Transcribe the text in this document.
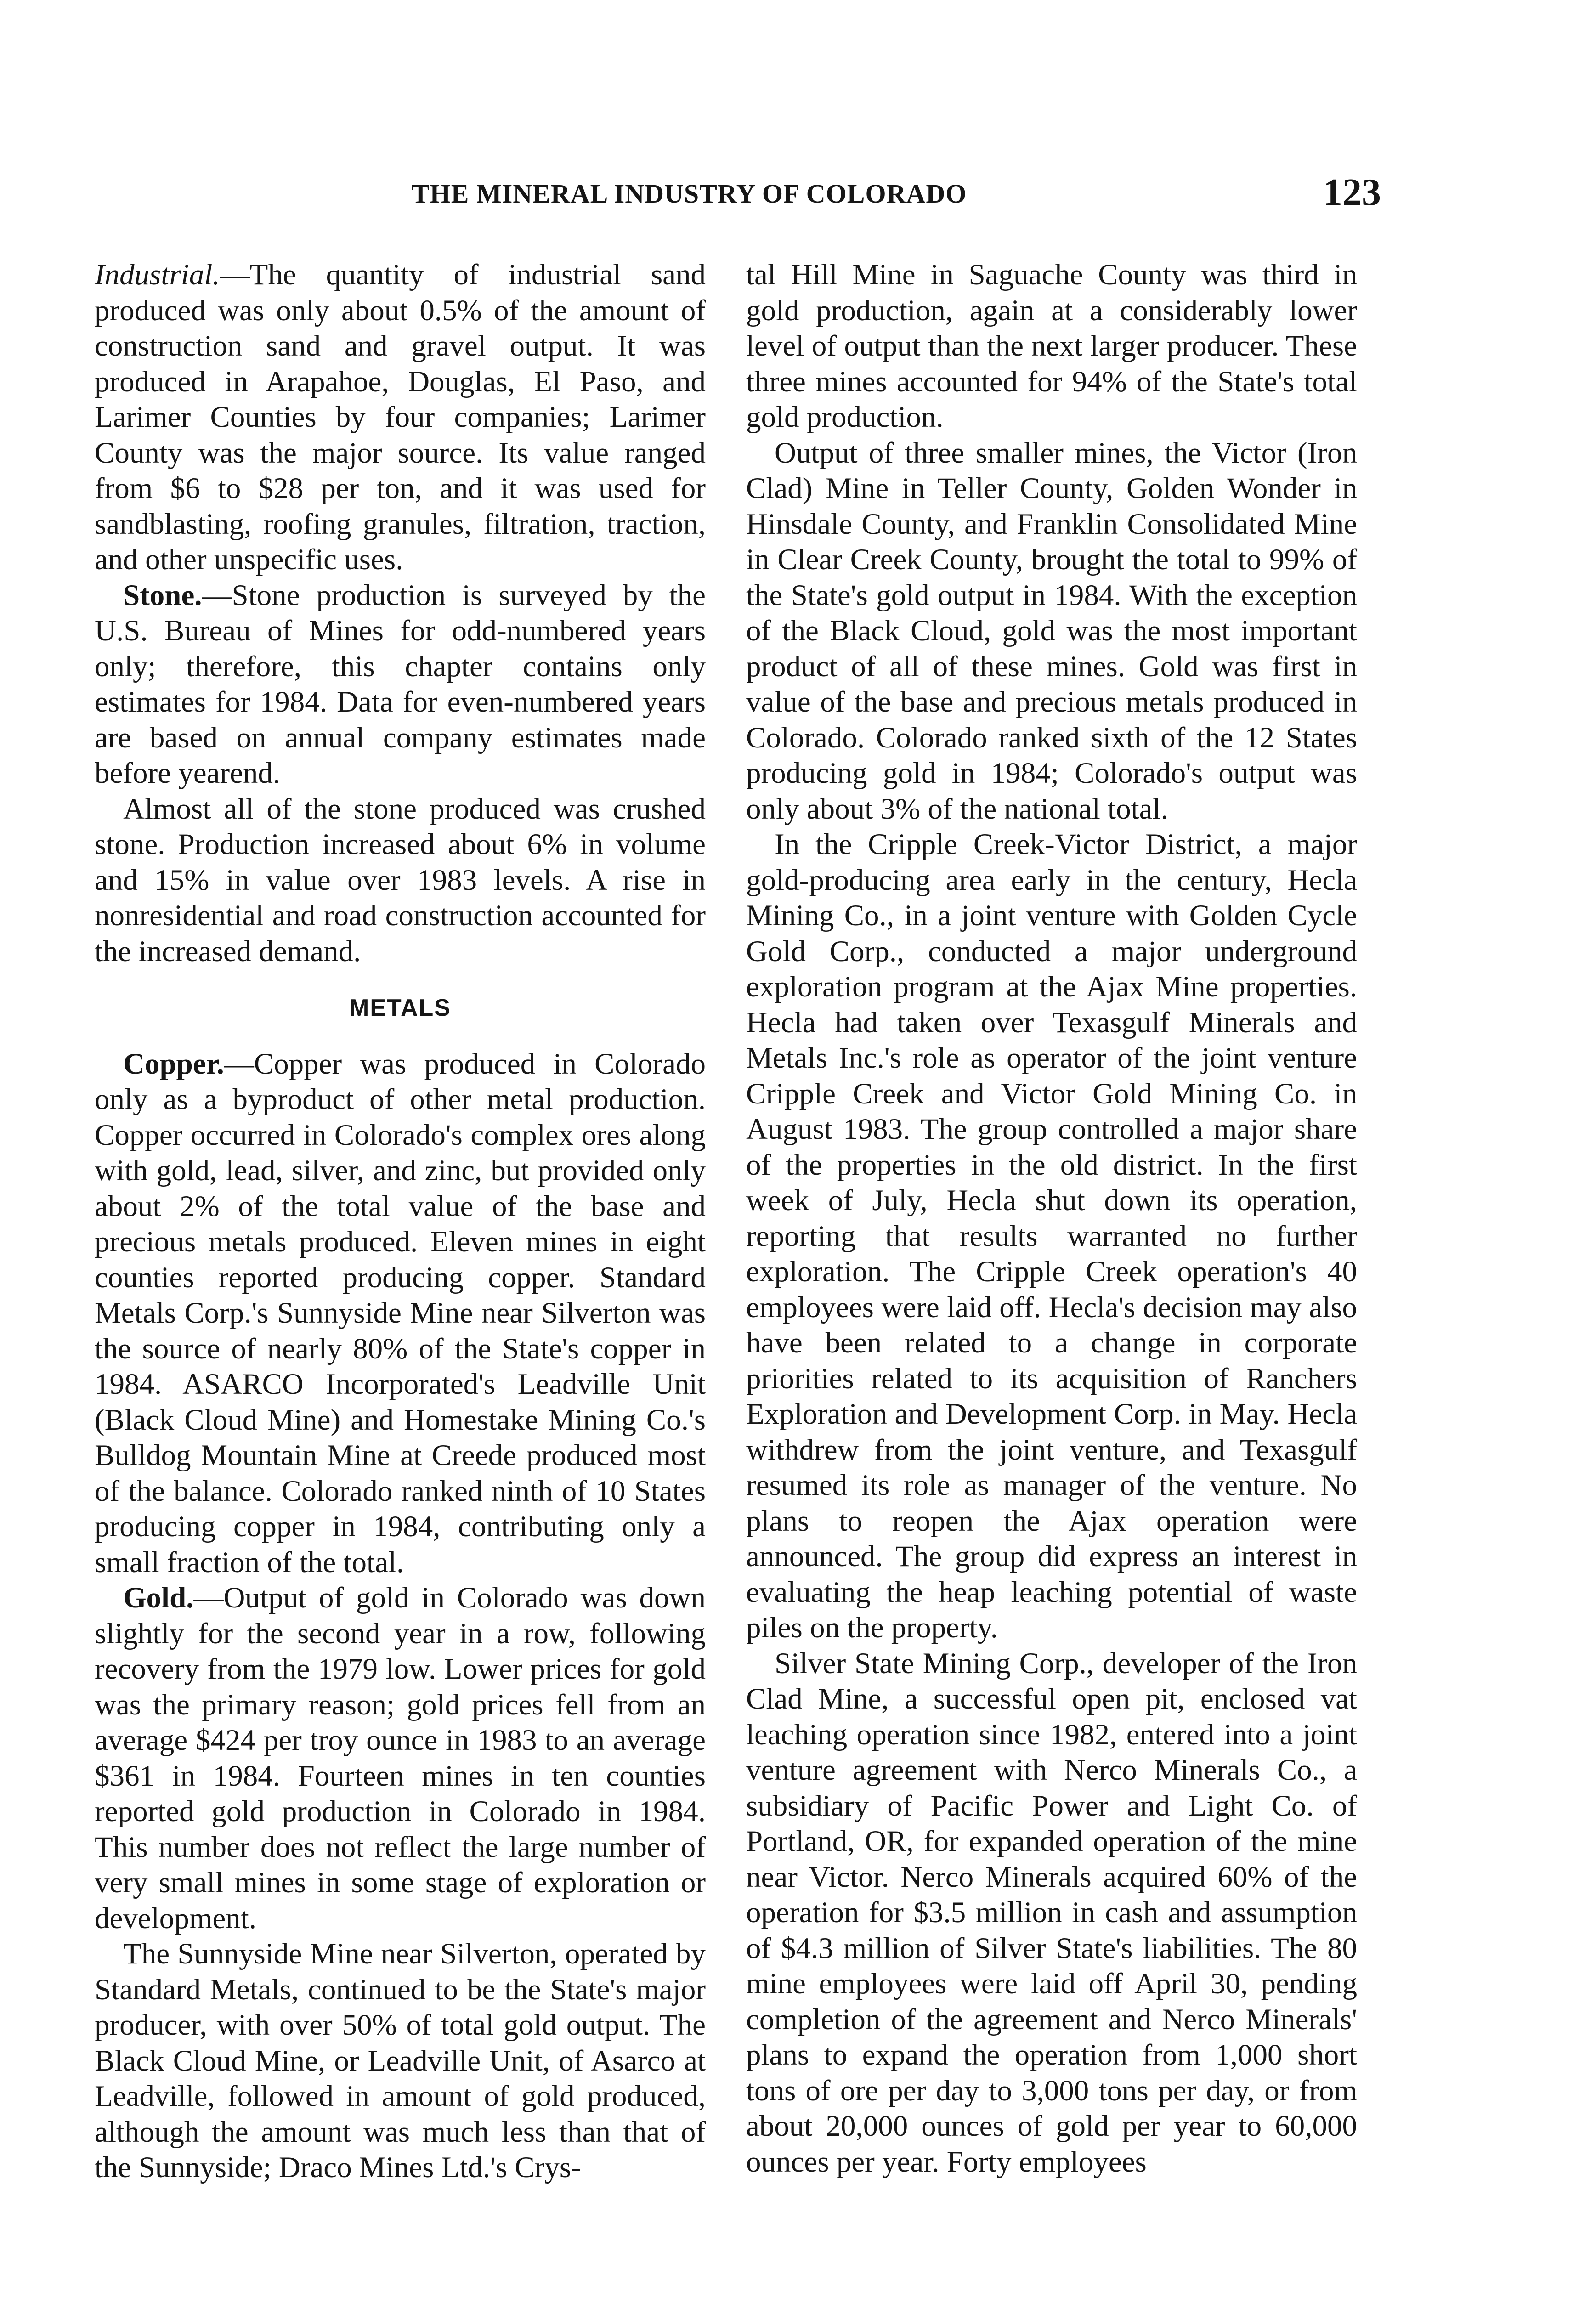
THE MINERAL INDUSTRY OF COLORADO	123

Industrial.—The quantity of industrial sand produced was only about 0.5% of the amount of construction sand and gravel output. It was produced in Arapahoe, Douglas, El Paso, and Larimer Counties by four companies; Larimer County was the major source. Its value ranged from $6 to $28 per ton, and it was used for sandblasting, roofing granules, filtration, traction, and other unspecific uses.

Stone.—Stone production is surveyed by the U.S. Bureau of Mines for odd-numbered years only; therefore, this chapter contains only estimates for 1984. Data for even-numbered years are based on annual company estimates made before yearend.

Almost all of the stone produced was crushed stone. Production increased about 6% in volume and 15% in value over 1983 levels. A rise in nonresidential and road construction accounted for the increased demand.

METALS

Copper.—Copper was produced in Colorado only as a byproduct of other metal production. Copper occurred in Colorado's complex ores along with gold, lead, silver, and zinc, but provided only about 2% of the total value of the base and precious metals produced. Eleven mines in eight counties reported producing copper. Standard Metals Corp.'s Sunnyside Mine near Silverton was the source of nearly 80% of the State's copper in 1984. ASARCO Incorporated's Leadville Unit (Black Cloud Mine) and Homestake Mining Co.'s Bulldog Mountain Mine at Creede produced most of the balance. Colorado ranked ninth of 10 States producing copper in 1984, contributing only a small fraction of the total.

Gold.—Output of gold in Colorado was down slightly for the second year in a row, following recovery from the 1979 low. Lower prices for gold was the primary reason; gold prices fell from an average $424 per troy ounce in 1983 to an average $361 in 1984. Fourteen mines in ten counties reported gold production in Colorado in 1984. This number does not reflect the large number of very small mines in some stage of exploration or development.

The Sunnyside Mine near Silverton, operated by Standard Metals, continued to be the State's major producer, with over 50% of total gold output. The Black Cloud Mine, or Leadville Unit, of Asarco at Leadville, followed in amount of gold produced, although the amount was much less than that of the Sunnyside; Draco Mines Ltd.'s Crys-

tal Hill Mine in Saguache County was third in gold production, again at a considerably lower level of output than the next larger producer. These three mines accounted for 94% of the State's total gold production.

Output of three smaller mines, the Victor (Iron Clad) Mine in Teller County, Golden Wonder in Hinsdale County, and Franklin Consolidated Mine in Clear Creek County, brought the total to 99% of the State's gold output in 1984. With the exception of the Black Cloud, gold was the most important product of all of these mines. Gold was first in value of the base and precious metals produced in Colorado. Colorado ranked sixth of the 12 States producing gold in 1984; Colorado's output was only about 3% of the national total.

In the Cripple Creek-Victor District, a major gold-producing area early in the century, Hecla Mining Co., in a joint venture with Golden Cycle Gold Corp., conducted a major underground exploration program at the Ajax Mine properties. Hecla had taken over Texasgulf Minerals and Metals Inc.'s role as operator of the joint venture Cripple Creek and Victor Gold Mining Co. in August 1983. The group controlled a major share of the properties in the old district. In the first week of July, Hecla shut down its operation, reporting that results warranted no further exploration. The Cripple Creek operation's 40 employees were laid off. Hecla's decision may also have been related to a change in corporate priorities related to its acquisition of Ranchers Exploration and Development Corp. in May. Hecla withdrew from the joint venture, and Texasgulf resumed its role as manager of the venture. No plans to reopen the Ajax operation were announced. The group did express an interest in evaluating the heap leaching potential of waste piles on the property.

Silver State Mining Corp., developer of the Iron Clad Mine, a successful open pit, enclosed vat leaching operation since 1982, entered into a joint venture agreement with Nerco Minerals Co., a subsidiary of Pacific Power and Light Co. of Portland, OR, for expanded operation of the mine near Victor. Nerco Minerals acquired 60% of the operation for $3.5 million in cash and assumption of $4.3 million of Silver State's liabilities. The 80 mine employees were laid off April 30, pending completion of the agreement and Nerco Minerals' plans to expand the operation from 1,000 short tons of ore per day to 3,000 tons per day, or from about 20,000 ounces of gold per year to 60,000 ounces per year. Forty employees
